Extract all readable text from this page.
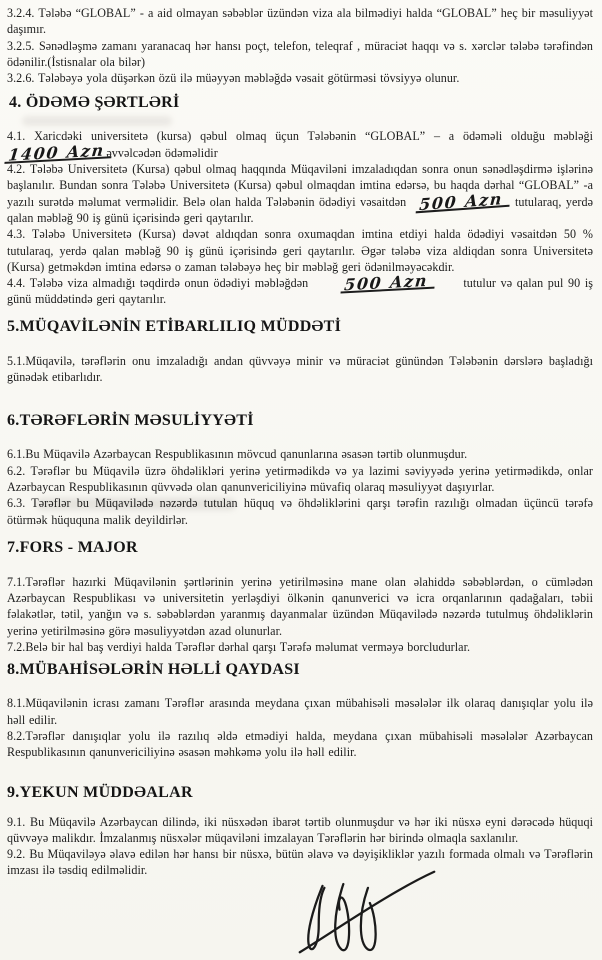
3.2.4. Tələbə “GLOBAL” - a aid olmayan səbəblər üzündən viza ala bilmədiyi halda “GLOBAL” heç bir məsuliyyət daşımır.

3.2.5. Sənədləşmə zamanı yaranacaq hər hansı poçt, telefon, teleqraf , müraciət haqqı və s. xərclər tələbə tərəfindən ödənilir.(İstisnalar ola bilər)

3.2.6. Tələbəyə yola düşərkən özü ilə müəyyən məbləğdə vəsait götürməsi tövsiyyə olunur.

4. ÖDƏMƏ ŞƏRTLƏRİ

4.1. Xaricdəki universitetə (kursa) qəbul olmaq üçun Tələbənin “GLOBAL” – a ödəməli olduğu məbləği 1400 Azn əvvəlcədən ödəməlidir

4.2. Tələbə Universitetə (Kursa) qəbul olmaq haqqında Müqaviləni imzaladıqdan sonra onun sənədləşdirmə işlərinə başlanılır. Bundan sonra Tələbə Universitetə (Kursa) qəbul olmaqdan imtina edərsə, bu haqda dərhal “GLOBAL” -a yazılı surətdə məlumat verməlidir. Belə olan halda Tələbənin ödədiyi vəsaitdən 500 Azn tutularaq, yerdə qalan məbləğ 90 iş günü içərisində geri qaytarılır.

4.3. Tələbə Universitetə (Kursa) dəvət aldıqdan sonra oxumaqdan imtina etdiyi halda ödədiyi vəsaitdən 50 % tutularaq, yerdə qalan məbləğ 90 iş günü içərisində geri qaytarılır. Əgər tələbə viza aldiqdan sonra Universitetə (Kursa) getməkdən imtina edərsə o zaman tələbəyə heç bir məbləğ geri ödənilməyəcəkdir.

4.4. Tələbə viza almadığı təqdirdə onun ödədiyi məbləğdən 500 Azn	tutulur və qalan pul 90 iş günü müddətində geri qaytarılır.

5.MÜQAVİLƏNİN ETİBARLILIQ MÜDDƏTİ

5.1.Müqavilə, tərəflərin onu imzaladığı andan qüvvəyə minir və müraciət günündən Tələbənin dərslərə başladığı günədək etibarlıdır.

6.TƏRƏFLƏRİN MƏSULİYYƏTİ

6.1.Bu Müqavilə Azərbaycan Respublikasının mövcud qanunlarına əsasən tərtib olunmuşdur.

6.2. Tərəflər bu Müqavilə üzrə öhdəlikləri yerinə yetirmədikdə və ya lazimi səviyyədə yerinə yetirmədikdə, onlar Azərbaycan Respublikasının qüvvədə olan qanunvericiliyinə müvafiq olaraq məsuliyyət daşıyırlar.

6.3. Tərəflər bu Müqavilədə nəzərdə tutulan hüquq və öhdəliklərini qarşı tərəfin razılığı olmadan üçüncü tərəfə ötürmək hüququna malik deyildirlər.

7.FORS - MAJOR

7.1.Tərəflər hazırki Müqavilənin şərtlərinin yerinə yetirilməsinə mane olan əlahiddə səbəblərdən, o cümlədən Azərbaycan Respublikası və universitetin yerləşdiyi ölkənin qanunverici və icra orqanlarının qadağaları, təbii fəlakətlər, tətil, yanğın və s. səbəblərdən yaranmış dayanmalar üzündən Müqavilədə nəzərdə tutulmuş öhdəliklərin yerinə yetirilməsinə görə məsuliyyətdən azad olunurlar.

7.2.Belə bir hal baş verdiyi halda Tərəflər dərhal qarşı Tərəfə məlumat verməyə borcludurlar.

8.MÜBAHİSƏLƏRİN HƏLLİ QAYDASI

8.1.Müqavilənin icrası zamanı Tərəflər arasında meydana çıxan mübahisəli məsələlər ilk olaraq danışıqlar yolu ilə həll edilir.

8.2.Tərəflər danışıqlar yolu ilə razılıq əldə etmədiyi halda, meydana çıxan mübahisəli məsələlər Azərbaycan Respublikasının qanunvericiliyinə əsasən məhkəmə yolu ilə həll edilir.

9.YEKUN MÜDDƏALAR

9.1. Bu Müqavilə Azərbaycan dilində, iki nüsxədən ibarət tərtib olunmuşdur və hər iki nüsxə eyni dərəcədə hüquqi qüvvəyə malikdır. İmzalanmış nüsxələr müqaviləni imzalayan Tərəflərin hər birində olmaqla saxlanılır.

9.2. Bu Müqaviləyə əlavə edilən hər hansı bir nüsxə, bütün əlavə və dəyişikliklər yazılı formada olmalı və Tərəflərin imzası ilə təsdiq edilməlidir.
